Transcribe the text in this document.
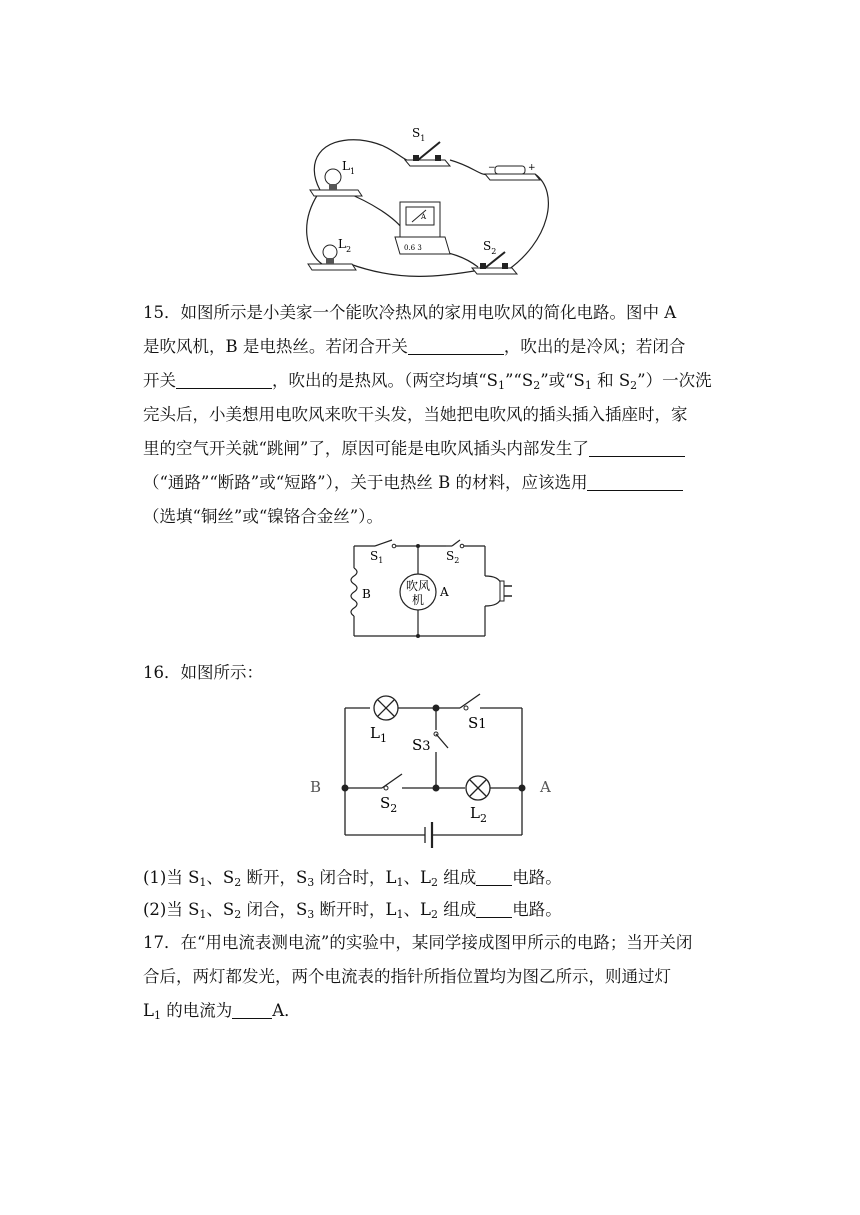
$S_1$
−	+
$L_1$
A
0.6 3
$L_2$	$S_2$
15．如图所示是小美家一个能吹冷热风的家用电吹风的简化电路。图中 A
是吹风机，B 是电热丝。若闭合开关	，吹出的是冷风；若闭合
开关	，吹出的是热风。（两空均填“$S_1”“S_2$”或“$S_1$ 和 $S_2$”）一次洗
完头后，小美想用电吹风来吹干头发，当她把电吹风的插头插入插座时，家
里的空气开关就“跳闸”了，原因可能是电吹风插头内部发生了
（“通路”“断路”或“短路”），关于电热丝 B 的材料，应该选用
（选填“铜丝”或“镍铬合金丝”）。
$S_1$	$S_2$
B
吹风
机
A
16．如图所示：
$L_1$
S1
S3
$S_2$	$L_2$
B	A
(1)当 $S_1$、$S_2$ 断开，$S_3$ 闭合时，$L_1$、$L_2$ 组成 电路。
(2)当 $S_1$、$S_2$ 闭合，$S_3$ 断开时，$L_1$、$L_2$ 组成 电路。
17．在“用电流表测电流”的实验中，某同学接成图甲所示的电路；当开关闭
合后，两灯都发光，两个电流表的指针所指位置均为图乙所示，则通过灯
$L_1$ 的电流为 A．
